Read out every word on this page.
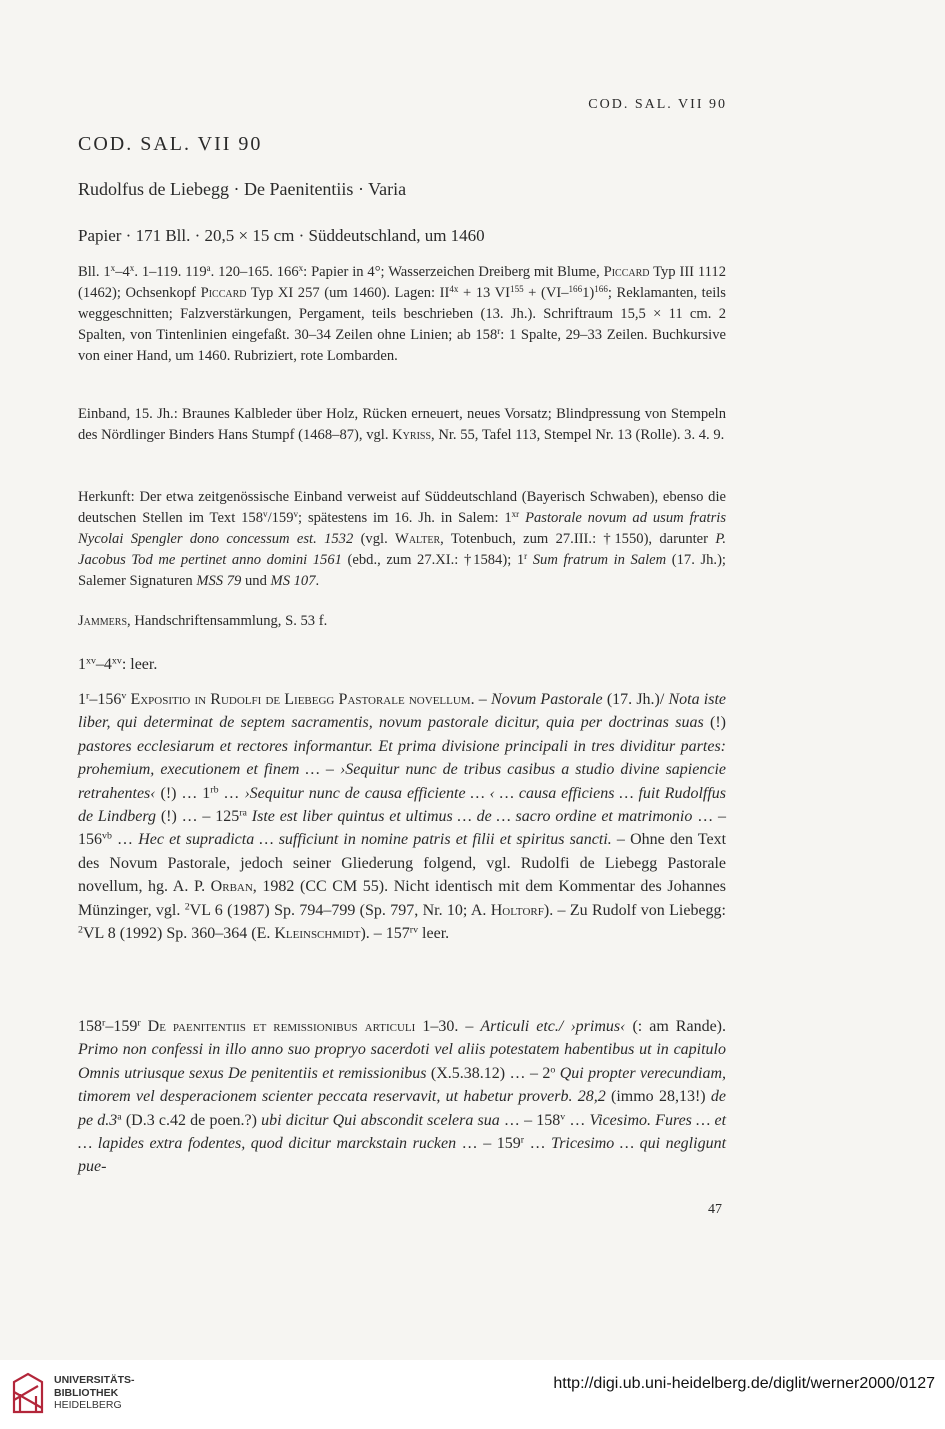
COD. SAL. VII 90
COD. SAL. VII 90
Rudolfus de Liebegg · De Paenitentiis · Varia
Papier · 171 Bll. · 20,5 × 15 cm · Süddeutschland, um 1460
Bll. 1$^x$–4$^x$. 1–119. 119$^a$. 120–165. 166$^x$: Papier in 4°; Wasserzeichen Dreiberg mit Blume, Piccard Typ III 1112 (1462); Ochsenkopf Piccard Typ XI 257 (um 1460). Lagen: $II^{4x} + 13$ $VI^{155} + (VI-^{166}1)^{166}$; Reklamanten, teils weggeschnitten; Falzverstärkungen, Pergament, teils beschrieben (13. Jh.). Schriftraum 15,5 × 11 cm. 2 Spalten, von Tintenlinien eingefaßt. 30–34 Zeilen ohne Linien; ab 158$^r$: 1 Spalte, 29–33 Zeilen. Buchkursive von einer Hand, um 1460. Rubriziert, rote Lombarden.
Einband, 15. Jh.: Braunes Kalbleder über Holz, Rücken erneuert, neues Vorsatz; Blindpressung von Stempeln des Nördlinger Binders Hans Stumpf (1468–87), vgl. Kyriss, Nr. 55, Tafel 113, Stempel Nr. 13 (Rolle). 3. 4. 9.
Herkunft: Der etwa zeitgenössische Einband verweist auf Süddeutschland (Bayerisch Schwaben), ebenso die deutschen Stellen im Text 158$^v$/159$^v$; spätestens im 16. Jh. in Salem: $1^{xr}$ Pastorale novum ad usum fratris Nycolai Spengler dono concessum est. 1532 (vgl. Walter, Totenbuch, zum 27.III.: †1550), darunter P. Jacobus Tod me pertinet anno domini 1561 (ebd., zum 27.XI.: †1584); 1$^r$ Sum fratrum in Salem (17. Jh.); Salemer Signaturen MSS 79 und MS 107.
Jammers, Handschriftensammlung, S. 53 f.
1$^{xv}$–4$^{xv}$: leer.
1$^r$–156$^v$ Expositio in Rudolfi de Liebegg Pastorale novellum. – Novum Pastorale (17. Jh.)/ Nota iste liber, qui determinat de septem sacramentis, novum pastorale dicitur, quia per doctrinas suas (!) pastores ecclesiarum et rectores informantur. Et prima divisione principali in tres dividitur partes: prohemium, executionem et finem … – ›Sequitur nunc de tribus casibus a studio divine sapiencie retrahentes‹ (!) … $1^{rb}$ … ›Sequitur nunc de causa efficiente … ‹ … causa efficiens … fuit Rudolffus de Lindberg (!) … – $125^{ra}$ Iste est liber quintus et ultimus … de … sacro ordine et matrimonio … – $156^{vb}$ … Hec et supradicta … sufficiunt in nomine patris et filii et spiritus sancti. – Ohne den Text des Novum Pastorale, jedoch seiner Gliederung folgend, vgl. Rudolfi de Liebegg Pastorale novellum, hg. A. P. Orban, 1982 (CC CM 55). Nicht identisch mit dem Kommentar des Johannes Münzinger, vgl. $^2$VL 6 (1987) Sp. 794–799 (Sp. 797, Nr. 10; A. Holtorf). – Zu Rudolf von Liebegg: $^2$VL 8 (1992) Sp. 360–364 (E. Kleinschmidt). – $157^{rv}$ leer.
158$^r$–159$^r$ De paenitentiis et remissionibus articuli 1–30. – Articuli etc./ ›primus‹ (: am Rande). Primo non confessi in illo anno suo propryo sacerdoti vel aliis potestatem habentibus ut in capitulo Omnis utriusque sexus De penitentiis et remissionibus (X.5.38.12) … – 2$^o$ Qui propter verecundiam, timorem vel desperacionem scienter peccata reservavit, ut habetur proverb. 28,2 (immo 28,13!) de pe d.3$^a$ (D.3 c.42 de poen.?) ubi dicitur Qui abscondit scelera sua … – 158$^v$ … Vicesimo. Fures … et … lapides extra fodentes, quod dicitur marckstain rucken … – 159$^r$ … Tricesimo … qui negligunt pue-
47
UNIVERSITÄTS-
BIBLIOTHEK
HEIDELBERG
http://digi.ub.uni-heidelberg.de/diglit/werner2000/0127
